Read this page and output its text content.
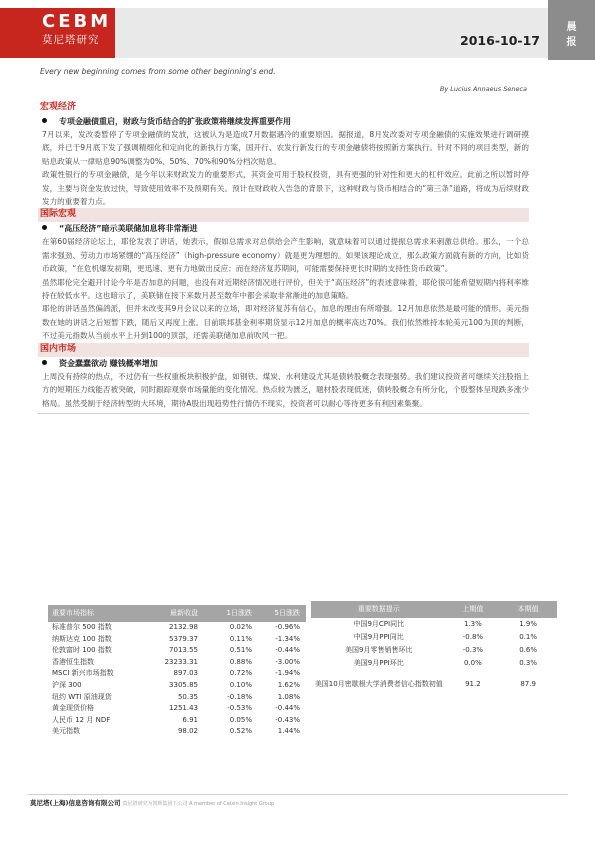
CEBM
莫尼塔研究	2016-10-17
晨
报
Every new beginning comes from some other beginning's end.
By Lucius Annaeus Seneca
宏观经济
专项金融债重启，财政与货币结合的扩张政策将继续发挥重要作用
7月以来，发改委暂停了专项金融债的发放，这被认为是造成7月数据遇冷的重要原因。据报道，8月发改委对专项金融债的实施效果进行调研摸底，并已于9月底下发了强调精细化和定向化的新执行方案，国开行、农发行新发行的专项金融债将按照新方案执行。针对不同的项目类型，新的贴息政策从一律贴息90%调整为0%、50%、70%和90%分档次贴息。
政策性银行的专项金融债，是今年以来财政发力的重要形式，其资金可用于股权投资，具有更强的针对性和更大的杠杆效应。此前之所以暂时停发，主要与资金发放过快，导致使用效率不及预期有关。预计在财政收入告急的背景下，这种财政与货币相结合的“第三条”道路，将成为后续财政发力的重要着力点。
国际宏观
“高压经济”暗示美联储加息将非常渐进
在第60届经济论坛上，耶伦发表了讲话，她表示，假如总需求对总供给会产生影响，就意味着可以通过提振总需求来刺激总供给。那么，一个总需求强劲、劳动力市场紧绷的“高压经济”（high-pressure economy）就是更为理想的。如果该理论成立，那么政策方面就有新的方向，比如货币政策，“在危机爆发初期，更迅速、更有力地做出反应；而在经济复苏期间，可能需要保持更长时期的支持性货币政策”。
虽然耶伦完全避开讨论今年是否加息的问题，也没有对近期经济情况进行评价，但关于“高压经济”的表述意味着，耶伦很可能希望短期内将利率维持在较低水平。这也暗示了，美联储在接下来数月甚至数年中都会采取非常渐进的加息策略。
耶伦的讲话虽然偏鸽派，但并未改变其9月会议以来的立场，即对经济复苏有信心，加息的理由有所增强。12月加息依然是最可能的情形。美元指数在她的讲话之后短暂下跌，随后又再度上涨。目前联邦基金利率期货显示12月加息的概率高达70%。我们依然维持本轮美元100为顶的判断，不过美元指数从当前水平上升到100的顶部，还需美联储加息前吹风一把。
国内市场
资金蠢蠢欲动 赚钱概率增加
上周没有持续的热点，不过仍有一些权重板块积极护盘，如钢铁、煤炭、水利建设尤其是债转股概念表现强势。我们建议投资者可继续关注股指上方的短期压力线能否被突破，同时跟踪观察市场量能的变化情况。热点较为匮乏，题材股表现低迷，债转股概念有所分化，个股整体呈现跌多涨少格局。虽然受制于经济转型的大环境，期待A股出现趋势性行情仍不现实，投资者可以耐心等待更多有利因素集聚。
重要市场指标	最新收盘	1日涨跌	5日涨跌
标准普尔 500 指数	2132.98	0.02%	-0.96%
纳斯达克 100 指数	5379.37	0.11%	-1.34%
伦敦富时 100 指数	7013.55	0.51%	-0.44%
香港恒生指数	23233.31	0.88%	-3.00%
MSCI 新兴市场指数	897.03	0.72%	-1.94%
沪深 300	3305.85	0.10%	1.62%
纽约 WTI 原油现货	50.35	-0.18%	1.08%
黄金现货价格	1251.43	-0.53%	-0.44%
人民币 12 月 NDF	6.91	0.05%	-0.43%
美元指数	98.02	0.52%	1.44%
重要数据提示	上期值	本期值
中国9月CPI同比	1.3%	1.9%
中国9月PPI同比	-0.8%	0.1%
美国9月零售销售环比	-0.3%	0.6%
美国9月PPI环比	0.0%	0.3%
美国10月密歇根大学消费者信心指数初值	91.2	87.9
莫尼塔(上海)信息咨询有限公司 莫尼塔研究为凯辉集团下公司 A member of Caixin Insight Group
